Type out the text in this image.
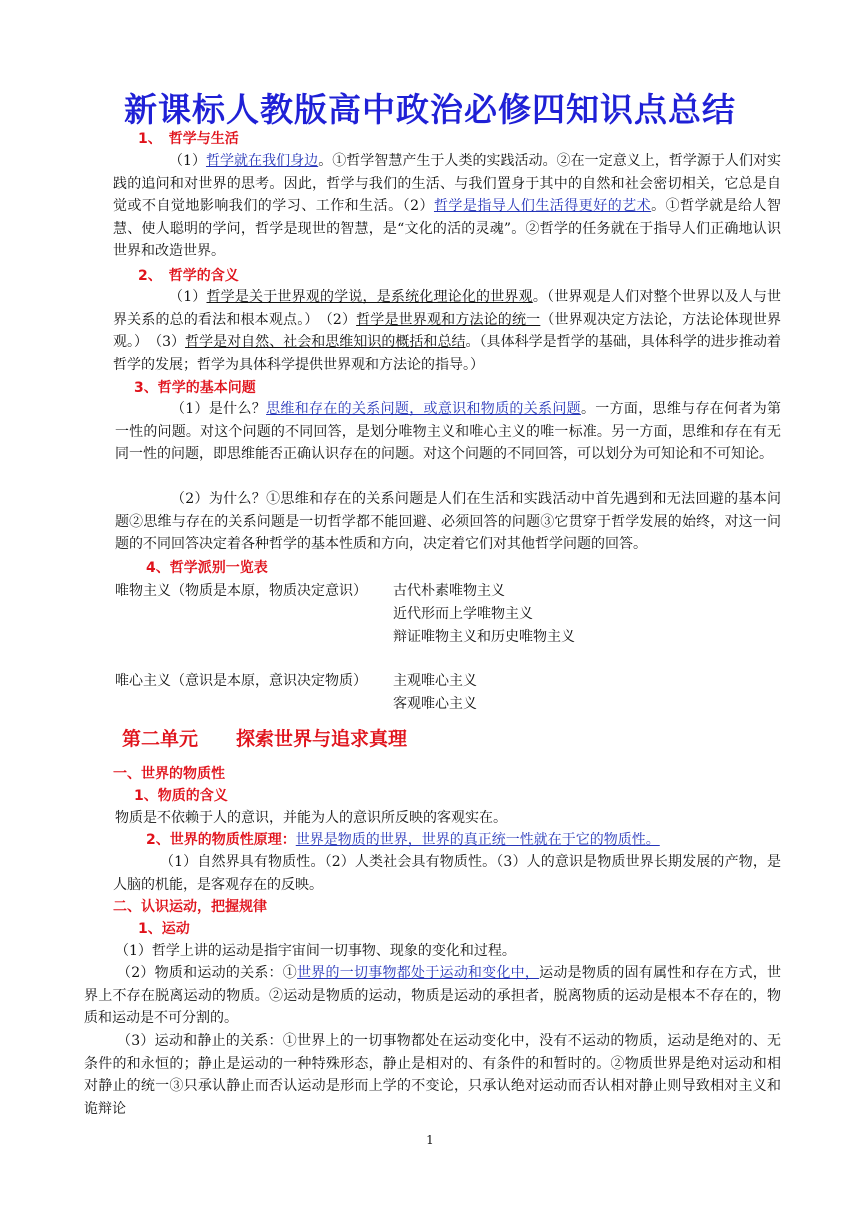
新课标人教版高中政治必修四知识点总结
1、　哲学与生活
（1）哲学就在我们身边。①哲学智慧产生于人类的实践活动。②在一定意义上，哲学源于人们对实践的追问和对世界的思考。因此，哲学与我们的生活、与我们置身于其中的自然和社会密切相关，它总是自觉或不自觉地影响我们的学习、工作和生活。（2）哲学是指导人们生活得更好的艺术。①哲学就是给人智慧、使人聪明的学问，哲学是现世的智慧，是“文化的活的灵魂”。②哲学的任务就在于指导人们正确地认识世界和改造世界。
2、　哲学的含义
（1）哲学是关于世界观的学说，是系统化理论化的世界观。（世界观是人们对整个世界以及人与世界关系的总的看法和根本观点。）　（2）哲学是世界观和方法论的统一（世界观决定方法论，方法论体现世界观。）　（3）哲学是对自然、社会和思维知识的概括和总结。（具体科学是哲学的基础，具体科学的进步推动着哲学的发展；哲学为具体科学提供世界观和方法论的指导。）
3、哲学的基本问题
（1）是什么？思维和存在的关系问题，或意识和物质的关系问题。一方面，思维与存在何者为第一性的问题。对这个问题的不同回答，是划分唯物主义和唯心主义的唯一标准。另一方面，思维和存在有无同一性的问题，即思维能否正确认识存在的问题。对这个问题的不同回答，可以划分为可知论和不可知论。
（2）为什么？①思维和存在的关系问题是人们在生活和实践活动中首先遇到和无法回避的基本问题②思维与存在的关系问题是一切哲学都不能回避、必须回答的问题③它贯穿于哲学发展的始终，对这一问题的不同回答决定着各种哲学的基本性质和方向，决定着它们对其他哲学问题的回答。
4、哲学派别一览表
唯物主义（物质是本原，物质决定意识） 古代朴素唯物主义
近代形而上学唯物主义
辩证唯物主义和历史唯物主义
唯心主义（意识是本原，意识决定物质） 主观唯心主义
客观唯心主义
第二单元　　探索世界与追求真理
一、世界的物质性
1、物质的含义
物质是不依赖于人的意识，并能为人的意识所反映的客观实在。
2、世界的物质性原理：世界是物质的世界，世界的真正统一性就在于它的物质性。
（1）自然界具有物质性。（2）人类社会具有物质性。（3）人的意识是物质世界长期发展的产物，是人脑的机能，是客观存在的反映。
二、认识运动，把握规律
1、运动
（1）哲学上讲的运动是指宇宙间一切事物、现象的变化和过程。
（2）物质和运动的关系：①世界的一切事物都处于运动和变化中，运动是物质的固有属性和存在方式，世界上不存在脱离运动的物质。②运动是物质的运动，物质是运动的承担者，脱离物质的运动是根本不存在的，物质和运动是不可分割的。
（3）运动和静止的关系：①世界上的一切事物都处在运动变化中，没有不运动的物质，运动是绝对的、无条件的和永恒的；静止是运动的一种特殊形态，静止是相对的、有条件的和暂时的。②物质世界是绝对运动和相对静止的统一③只承认静止而否认运动是形而上学的不变论，只承认绝对运动而否认相对静止则导致相对主义和诡辩论
1
